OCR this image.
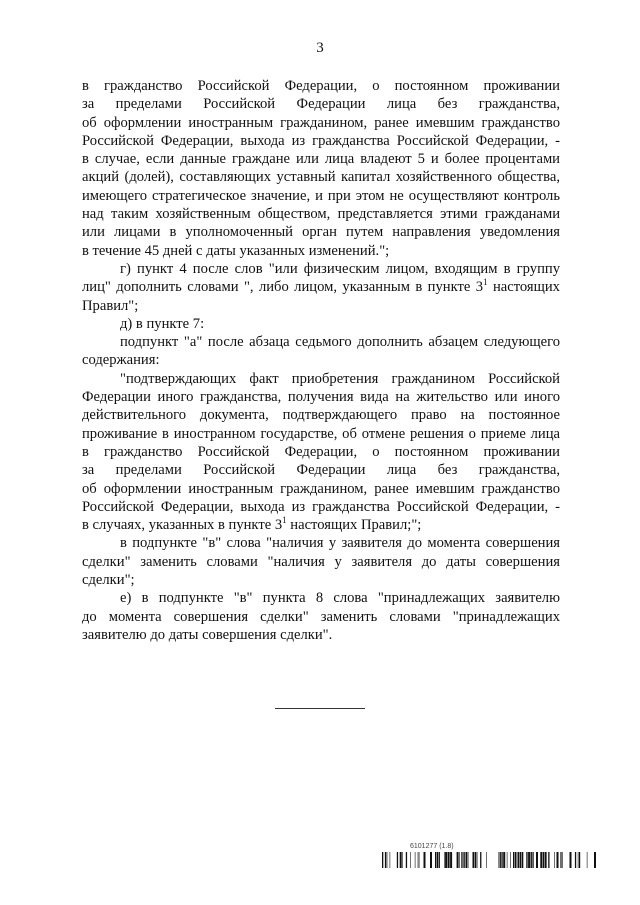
3
в гражданство Российской Федерации, о постоянном проживании
за пределами Российской Федерации лица без гражданства,
об оформлении иностранным гражданином, ранее имевшим гражданство
Российской Федерации, выхода из гражданства Российской Федерации, -
в случае, если данные граждане или лица владеют 5 и более процентами
акций (долей), составляющих уставный капитал хозяйственного общества,
имеющего стратегическое значение, и при этом не осуществляют контроль
над таким хозяйственным обществом, представляется этими гражданами
или лицами в уполномоченный орган путем направления уведомления
в течение 45 дней с даты указанных изменений.";
г) пункт 4 после слов "или физическим лицом, входящим в группу
лиц" дополнить словами ", либо лицом, указанным в пункте $3^1$ настоящих
Правил";
д) в пункте 7:
подпункт "а" после абзаца седьмого дополнить абзацем следующего
содержания:
"подтверждающих факт приобретения гражданином Российской
Федерации иного гражданства, получения вида на жительство или иного
действительного документа, подтверждающего право на постоянное
проживание в иностранном государстве, об отмене решения о приеме лица
в гражданство Российской Федерации, о постоянном проживании
за пределами Российской Федерации лица без гражданства,
об оформлении иностранным гражданином, ранее имевшим гражданство
Российской Федерации, выхода из гражданства Российской Федерации, -
в случаях, указанных в пункте $3^1$ настоящих Правил;";
в подпункте "в" слова "наличия у заявителя до момента совершения
сделки" заменить словами "наличия у заявителя до даты совершения
сделки";
е) в подпункте "в" пункта 8 слова "принадлежащих заявителю
до момента совершения сделки" заменить словами "принадлежащих
заявителю до даты совершения сделки".
6101277 (1.8)
